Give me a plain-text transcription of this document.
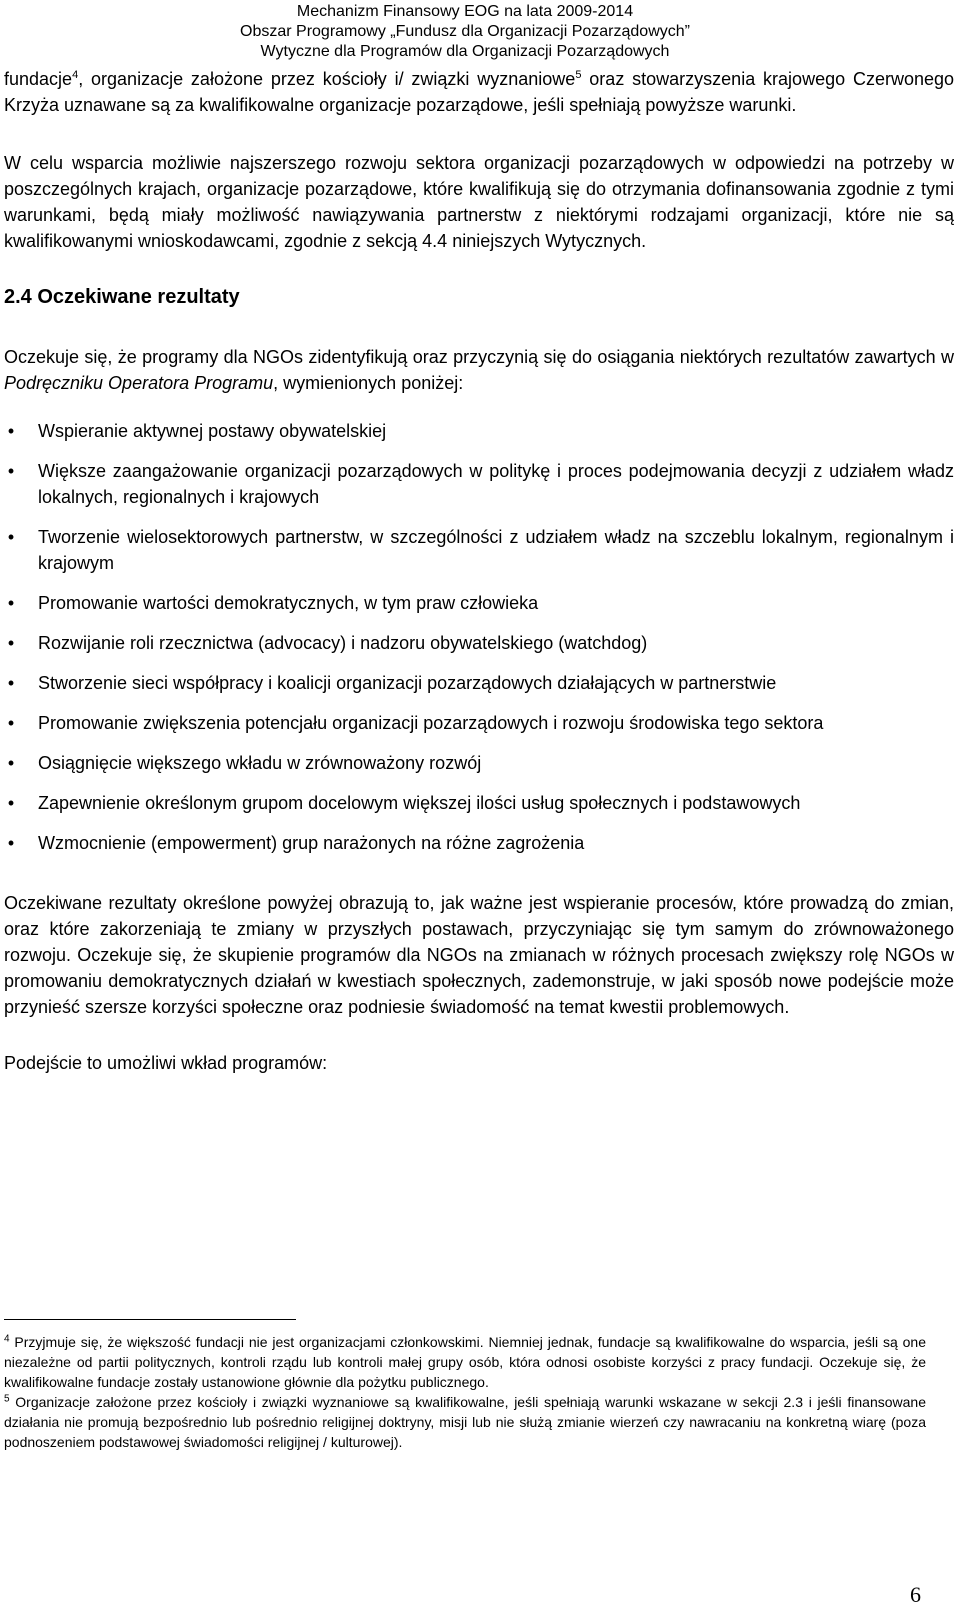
Mechanizm Finansowy EOG na lata 2009-2014
Obszar Programowy „Fundusz dla Organizacji Pozarządowych”
Wytyczne dla Programów dla Organizacji Pozarządowych

fundacje$^4$, organizacje założone przez kościoły i/ związki wyznaniowe$^5$ oraz stowarzyszenia krajowego Czerwonego Krzyża uznawane są za kwalifikowalne organizacje pozarządowe, jeśli spełniają powyższe warunki.

W celu wsparcia możliwie najszerszego rozwoju sektora organizacji pozarządowych w odpowiedzi na potrzeby w poszczególnych krajach, organizacje pozarządowe, które kwalifikują się do otrzymania dofinansowania zgodnie z tymi warunkami, będą miały możliwość nawiązywania partnerstw z niektórymi rodzajami organizacji, które nie są kwalifikowanymi wnioskodawcami, zgodnie z sekcją 4.4 niniejszych Wytycznych.

2.4 Oczekiwane rezultaty

Oczekuje się, że programy dla NGOs zidentyfikują oraz przyczynią się do osiągania niektórych rezultatów zawartych w Podręczniku Operatora Programu, wymienionych poniżej:

• Wspieranie aktywnej postawy obywatelskiej
• Większe zaangażowanie organizacji pozarządowych w politykę i proces podejmowania decyzji z udziałem władz lokalnych, regionalnych i krajowych
• Tworzenie wielosektorowych partnerstw, w szczególności z udziałem władz na szczeblu lokalnym, regionalnym i krajowym
• Promowanie wartości demokratycznych, w tym praw człowieka
• Rozwijanie roli rzecznictwa (advocacy) i nadzoru obywatelskiego (watchdog)
• Stworzenie sieci współpracy i koalicji organizacji pozarządowych działających w partnerstwie
• Promowanie zwiększenia potencjału organizacji pozarządowych i rozwoju środowiska tego sektora
• Osiągnięcie większego wkładu w zrównoważony rozwój
• Zapewnienie określonym grupom docelowym większej ilości usług społecznych i podstawowych
• Wzmocnienie (empowerment) grup narażonych na różne zagrożenia

Oczekiwane rezultaty określone powyżej obrazują to, jak ważne jest wspieranie procesów, które prowadzą do zmian, oraz które zakorzeniają te zmiany w przyszłych postawach, przyczyniając się tym samym do zrównoważonego rozwoju. Oczekuje się, że skupienie programów dla NGOs na zmianach w różnych procesach zwiększy rolę NGOs w promowaniu demokratycznych działań w kwestiach społecznych, zademonstruje, w jaki sposób nowe podejście może przynieść szersze korzyści społeczne oraz podniesie świadomość na temat kwestii problemowych.

Podejście to umożliwi wkład programów:

$^4$ Przyjmuje się, że większość fundacji nie jest organizacjami członkowskimi. Niemniej jednak, fundacje są kwalifikowalne do wsparcia, jeśli są one niezależne od partii politycznych, kontroli rządu lub kontroli małej grupy osób, która odnosi osobiste korzyści z pracy fundacji. Oczekuje się, że kwalifikowalne fundacje zostały ustanowione głównie dla pożytku publicznego.

$^5$ Organizacje założone przez kościoły i związki wyznaniowe są kwalifikowalne, jeśli spełniają warunki wskazane w sekcji 2.3 i jeśli finansowane działania nie promują bezpośrednio lub pośrednio religijnej doktryny, misji lub nie służą zmianie wierzeń czy nawracaniu na konkretną wiarę (poza podnoszeniem podstawowej świadomości religijnej / kulturowej).

6
